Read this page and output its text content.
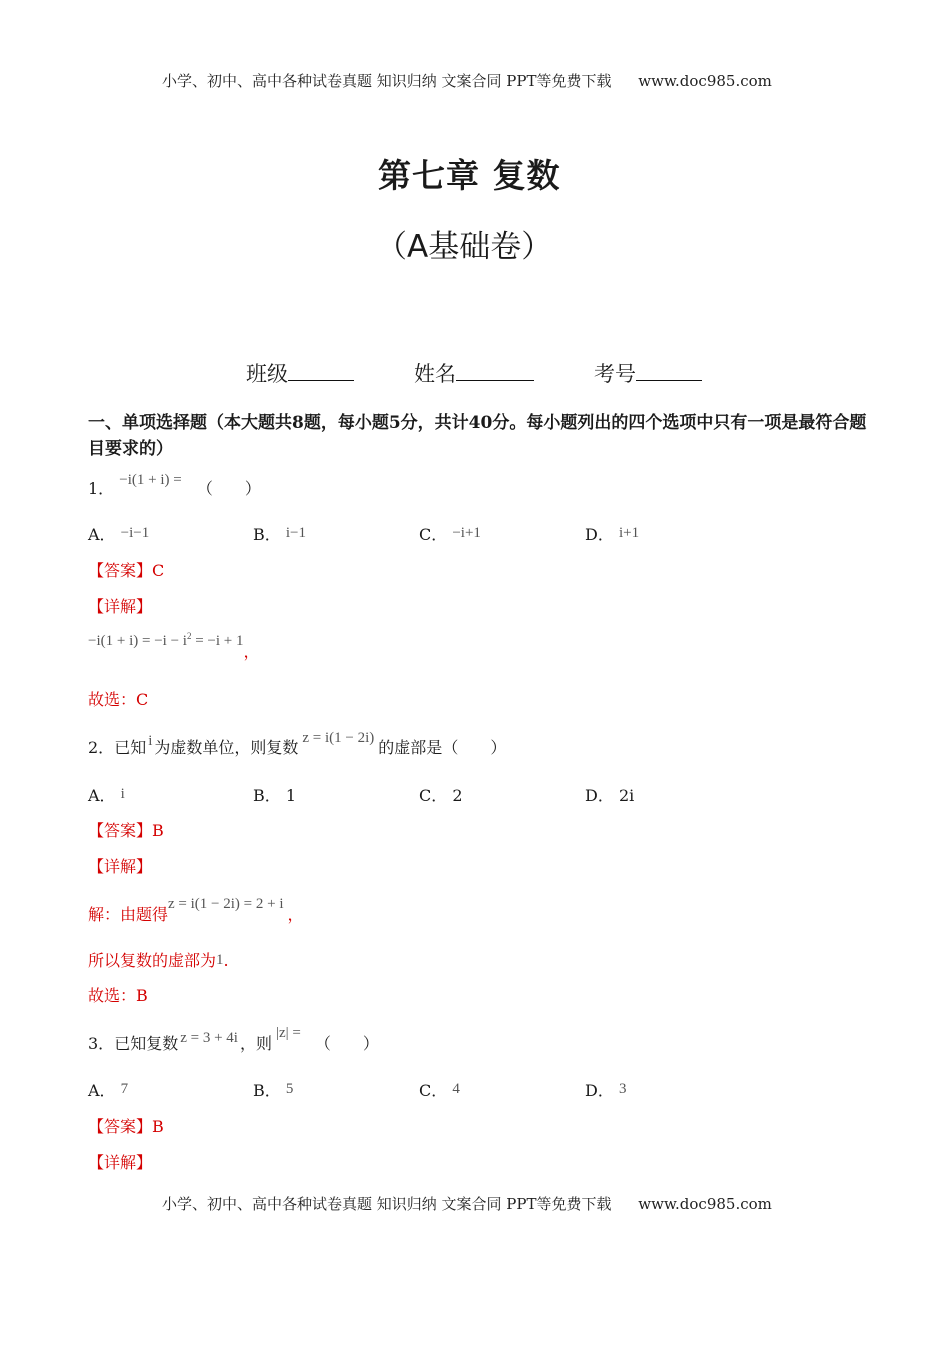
小学、初中、高中各种试卷真题 知识归纳 文案合同 PPT等免费下载 www.doc985.com
第七章 复数
（A基础卷）
班级	姓名	考号
一、单项选择题（本大题共8题，每小题5分，共计40分。每小题列出的四个选项中只有一项是最符合题目要求的）
1． −i(1 + i) = （　　）
A． −i−1	B． i−1	C． −i+1	D． i+1
【答案】C
【详解】
$-i(1 + i) = -i - i^2 = -i + 1$，
故选：C
2．已知 i 为虚数单位，则复数 z = i(1 − 2i) 的虚部是（　　）
A． i	B． 1	C． 2	D． 2i
【答案】B
【详解】
解：由题得z = i(1 − 2i) = 2 + i，
所以复数的虚部为1.
故选：B
3．已知复数 z = 3 + 4i ，则|z| =（　　）
A． 7	B． 5	C． 4	D． 3
【答案】B
【详解】
小学、初中、高中各种试卷真题 知识归纳 文案合同 PPT等免费下载 www.doc985.com
